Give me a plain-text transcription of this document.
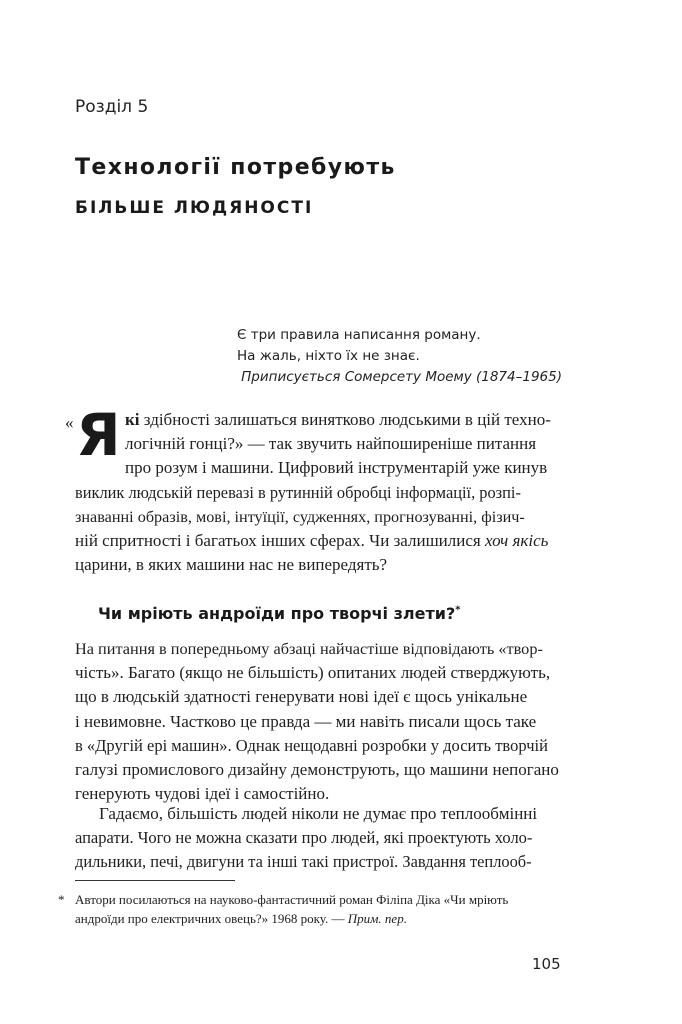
Розділ 5
Технології потребують
БІЛЬШЕ ЛЮДЯНОСТІ
Є три правила написання роману.
На жаль, ніхто їх не знає.
Приписується Сомерсету Моему (1874–1965)
« Я кі здібності залишаться винятково людськими в цій техно-
логічній гонці?» — так звучить найпоширеніше питання
про розум і машини. Цифровий інструментарій уже кинув
виклик людській перевазі в рутинній обробці інформації, розпі-
знаванні образів, мові, інтуїції, судженнях, прогнозуванні, фізич-
ній спритності і багатьох інших сферах. Чи залишилися хоч якісь
царини, в яких машини нас не випередять?
Чи мріють андроїди про творчі злети?*
На питання в попередньому абзаці найчастіше відповідають «твор-
чість». Багато (якщо не більшість) опитаних людей стверджують,
що в людській здатності генерувати нові ідеї є щось унікальне
і невимовне. Частково це правда — ми навіть писали щось таке
в «Другій ері машин». Однак нещодавні розробки у досить творчій
галузі промислового дизайну демонструють, що машини непогано
генерують чудові ідеї і самостійно.
Гадаємо, більшість людей ніколи не думає про теплообмінні
апарати. Чого не можна сказати про людей, які проектують холо-
дильники, печі, двигуни та інші такі пристрої. Завдання теплооб-
* Автори посилаються на науково-фантастичний роман Філіпа Діка «Чи мріють
андроїди про електричних овець?» 1968 року. — Прим. пер.
105
